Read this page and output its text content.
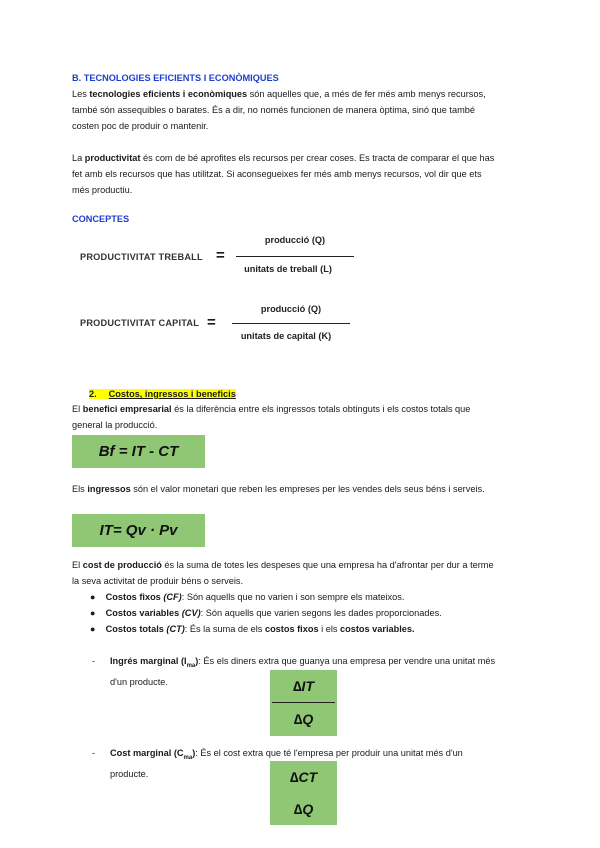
B. TECNOLOGIES EFICIENTS I ECONÒMIQUES
Les tecnologies eficients i econòmiques són aquelles que, a més de fer més amb menys recursos,
també són assequibles o barates. És a dir, no només funcionen de manera òptima, sinó que també
costen poc de produir o mantenir.
La productivitat és com de bé aprofites els recursos per crear coses. Es tracta de comparar el que has
fet amb els recursos que has utilitzat. Si aconsegueixes fer més amb menys recursos, vol dir que ets
més productiu.
CONCEPTES
PRODUCTIVITAT TREBALL =
producció (Q)
unitats de treball (L)
PRODUCTIVITAT CAPITAL =
producció (Q)
unitats de capital (K)
2. Costos, ingressos i beneficis
El benefici empresarial és la diferència entre els ingressos totals obtinguts i els costos totals que
general la producció.
Bf = IT - CT
Els ingressos són el valor monetari que reben les empreses per les vendes dels seus béns i serveis.
IT= Qv · Pv
El cost de producció és la suma de totes les despeses que una empresa ha d'afrontar per dur a terme
la seva activitat de produir béns o serveis.
● Costos fixos (CF): Són aquells que no varien i son sempre els mateixos.
● Costos variables (CV): Són aquells que varien segons les dades proporcionades.
● Costos totals (CT): És la suma de els costos fixos i els costos variables.
- Ingrés marginal $(I_{ma})$: És els diners extra que guanya una empresa per vendre una unitat més
d'un producte.	∆IT
∆Q
- Cost marginal $(C_{ma})$: És el cost extra que té l'empresa per produir una unitat més d'un
producte.	∆CT
∆Q
